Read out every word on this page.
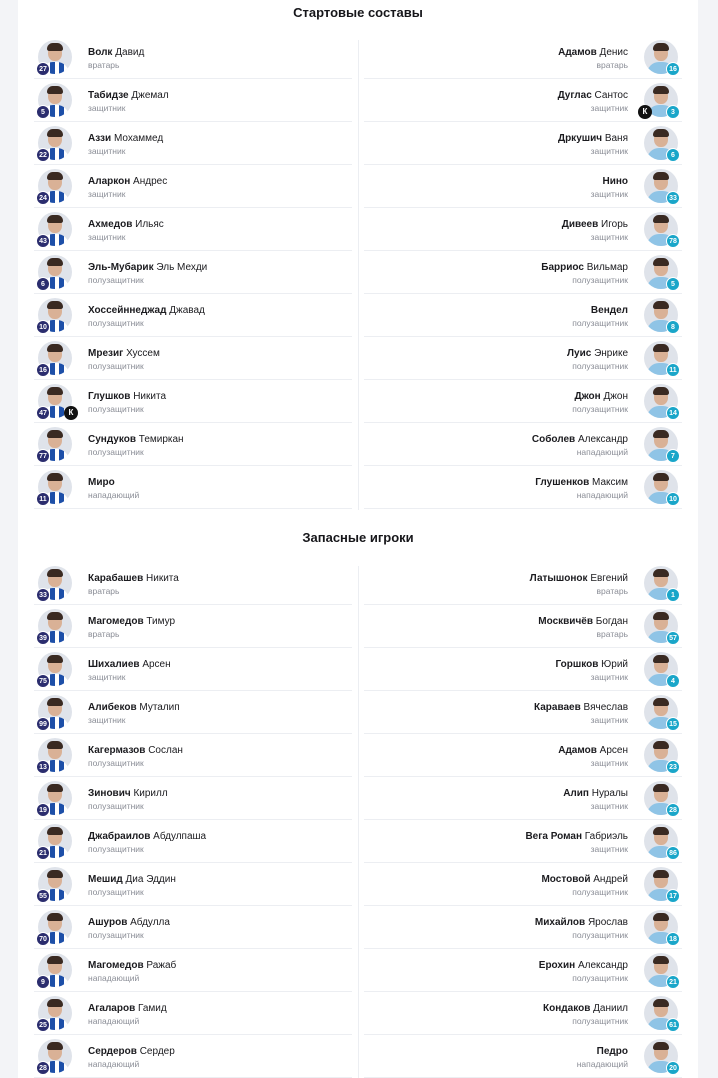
Стартовые составы
27
Волк Давид
вратарь
5
Табидзе Джемал
защитник
22
Аззи Мохаммед
защитник
24
Аларкон Андрес
защитник
43
Ахмедов Ильяс
защитник
6
Эль-Мубарик Эль Мехди
полузащитник
10
Хоссейннеджад Джавад
полузащитник
16
Мрезиг Хуссем
полузащитник
47	К
Глушков Никита
полузащитник
77
Сундуков Темиркан
полузащитник
11
Миро
нападающий
16
Адамов Денис
вратарь
3
К
Дуглас Сантос
защитник
6
Дркушич Ваня
защитник
33
Нино
защитник
78
Дивеев Игорь
защитник
5
Барриос Вильмар
полузащитник
8
Вендел
полузащитник
11
Луис Энрике
полузащитник
14
Джон Джон
полузащитник
7
Соболев Александр
нападающий
10
Глушенков Максим
нападающий
Запасные игроки
33
Карабашев Никита
вратарь
39
Магомедов Тимур
вратарь
75
Шихалиев Арсен
защитник
99
Алибеков Муталип
защитник
13
Кагермазов Сослан
полузащитник
19
Зинович Кирилл
полузащитник
21
Джабраилов Абдулпаша
полузащитник
55
Мешид Диа Эддин
полузащитник
70
Ашуров Абдулла
полузащитник
9
Магомедов Ражаб
нападающий
25
Агаларов Гамид
нападающий
28
Сердеров Сердер
нападающий
1
Латышонок Евгений
вратарь
57
Москвичёв Богдан
вратарь
4
Горшков Юрий
защитник
15
Караваев Вячеслав
защитник
23
Адамов Арсен
защитник
28
Алип Нуралы
защитник
86
Вега Роман Габриэль
защитник
17
Мостовой Андрей
полузащитник
18
Михайлов Ярослав
полузащитник
21
Ерохин Александр
полузащитник
61
Кондаков Даниил
полузащитник
20
Педро
нападающий
